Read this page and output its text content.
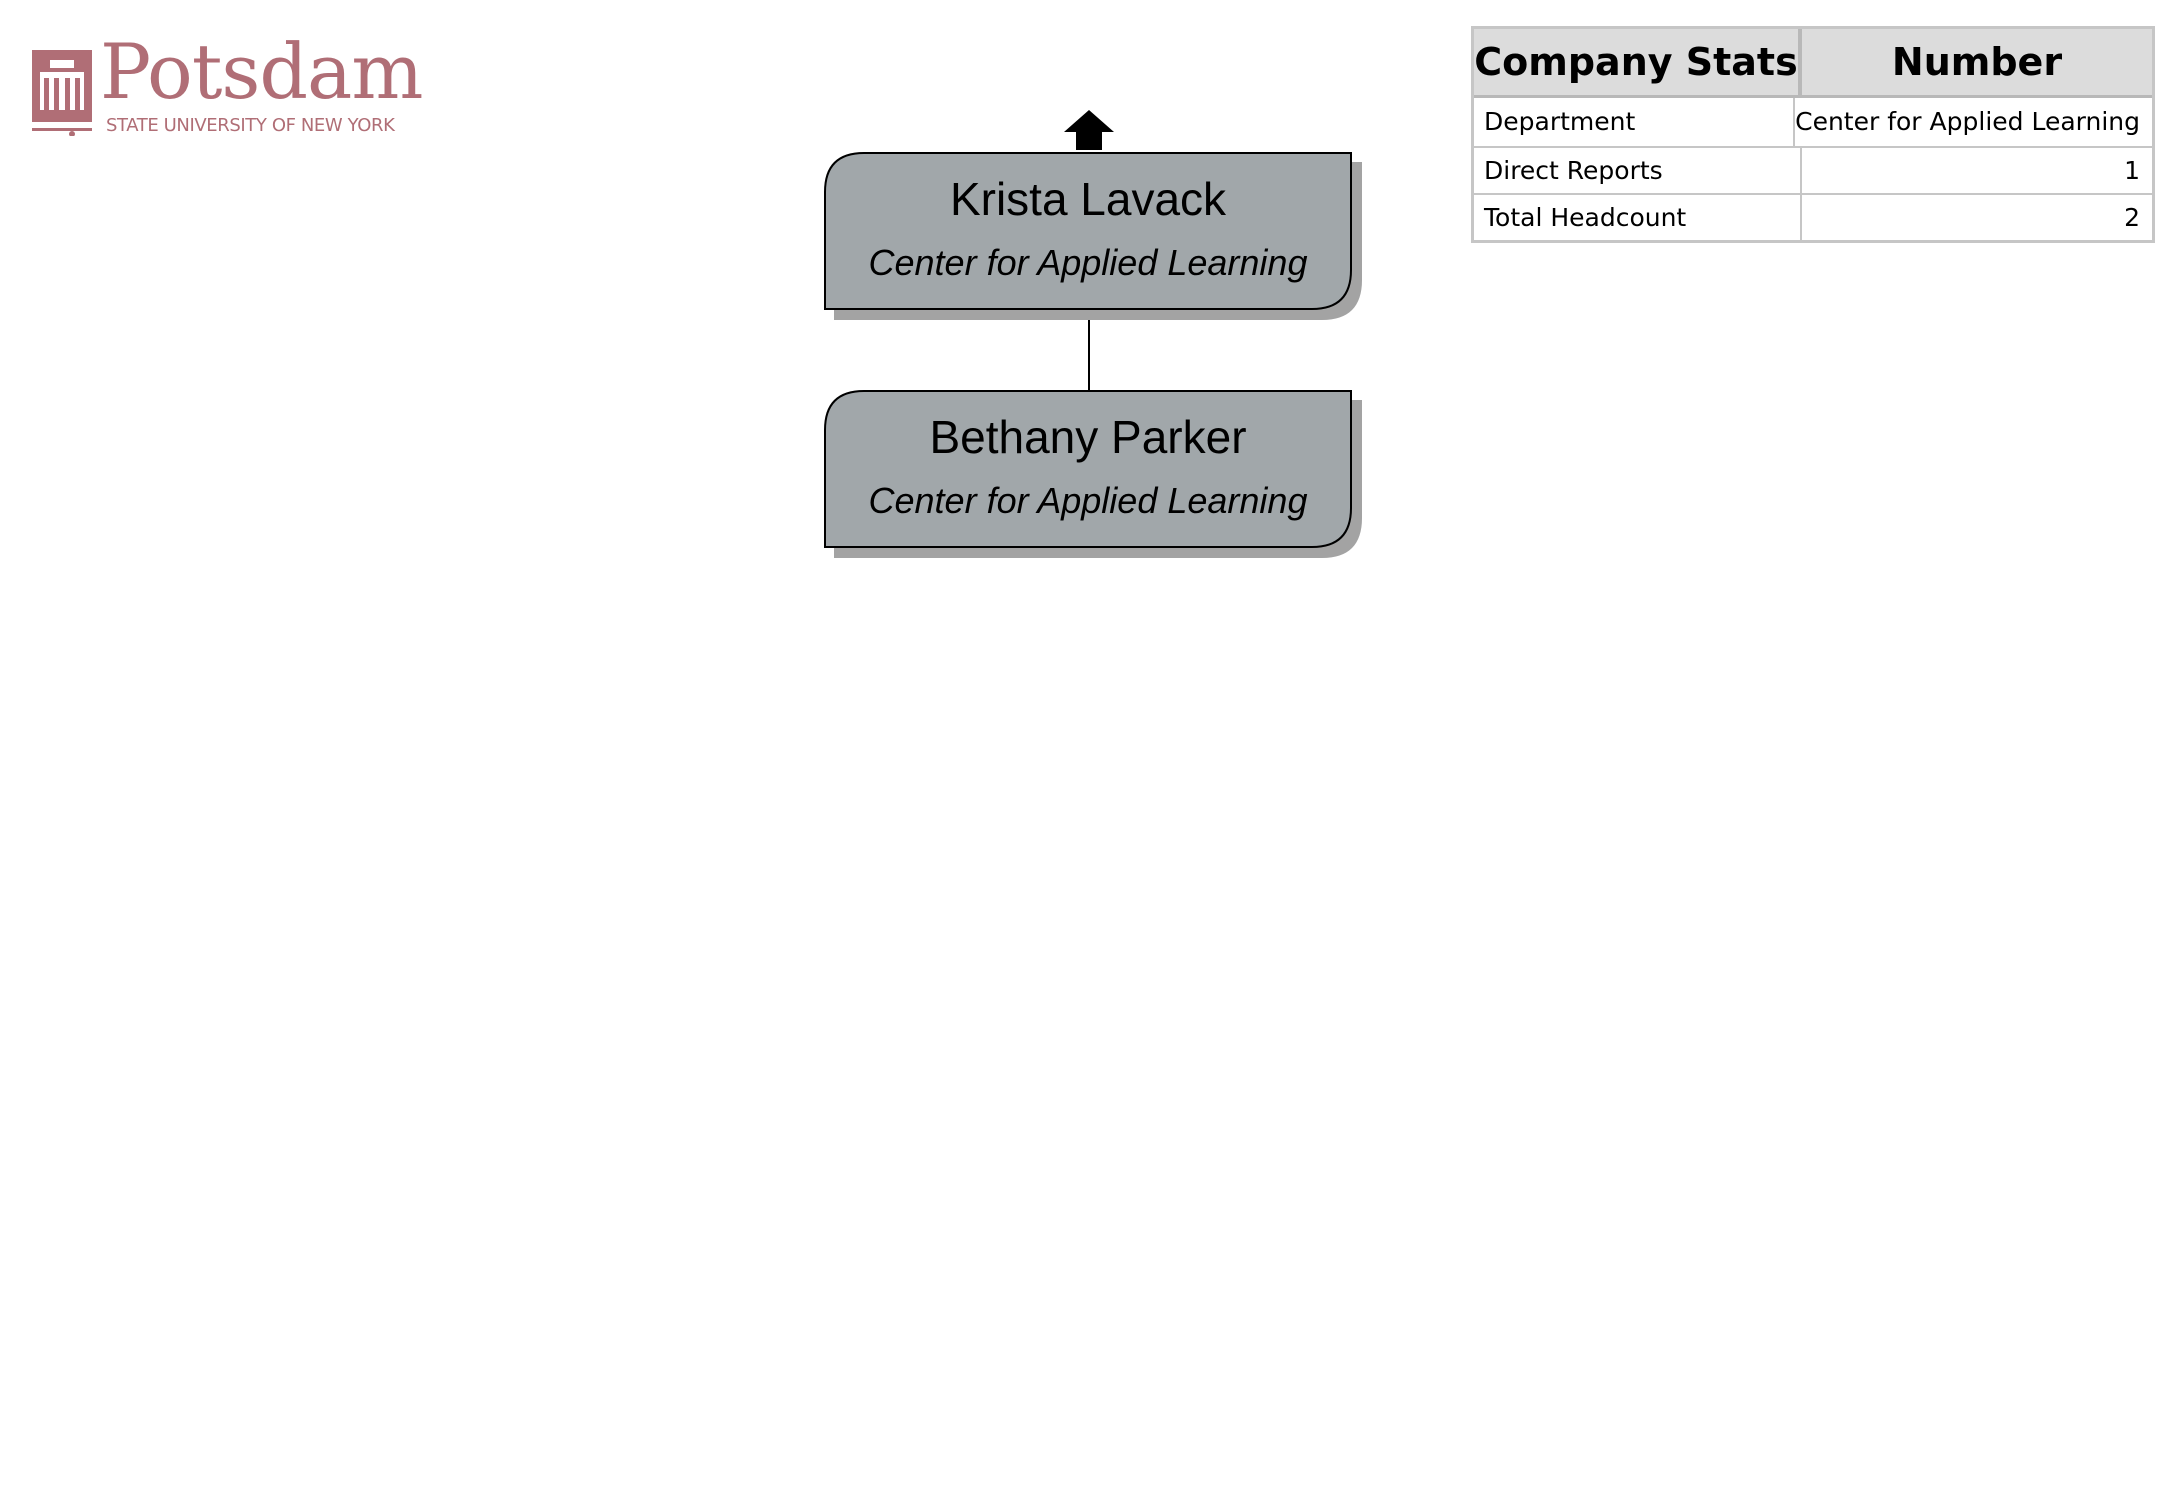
Potsdam
STATE UNIVERSITY OF NEW YORK
Krista Lavack
Center for Applied Learning
Bethany Parker
Center for Applied Learning
Company Stats	Number
Department	Center for Applied Learning
Direct Reports	1
Total Headcount	2
